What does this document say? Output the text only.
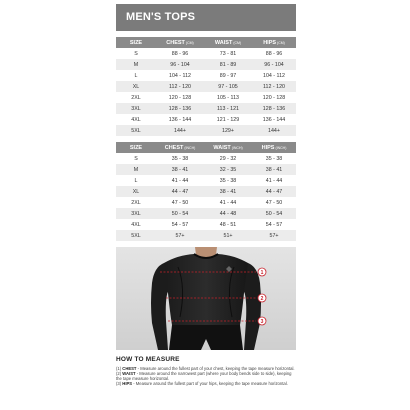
MEN'S TOPS
SIZE	CHEST(CM)	WAIST(CM)	HIPS(CM)
S	88 - 96	73 - 81	88 - 96
M	96 - 104	81 - 89	96 - 104
L	104 - 112	89 - 97	104 - 112
XL	112 - 120	97 - 105	112 - 120
2XL	120 - 128	105 - 113	120 - 128
3XL	128 - 136	113 - 121	128 - 136
4XL	136 - 144	121 - 129	136 - 144
5XL	144+	129+	144+
SIZE	CHEST(INCH)	WAIST(INCH)	HIPS(INCH)
S	35 - 38	29 - 32	35 - 38
M	38 - 41	32 - 35	38 - 41
L	41 - 44	35 - 38	41 - 44
XL	44 - 47	38 - 41	44 - 47
2XL	47 - 50	41 - 44	47 - 50
3XL	50 - 54	44 - 48	50 - 54
4XL	54 - 57	48 - 51	54 - 57
5XL	57+	51+	57+
1
2
3
HOW TO MEASURE

(1) CHEST - Measure around the fullest part of your chest, keeping the tape measure horizontal.

(2) WAIST - Measure around the narrowest part (where your body bends side to side), keeping the tape measure horizontal.

(3) HIPS - Measure around the fullest part of your hips, keeping the tape measure horizontal.
